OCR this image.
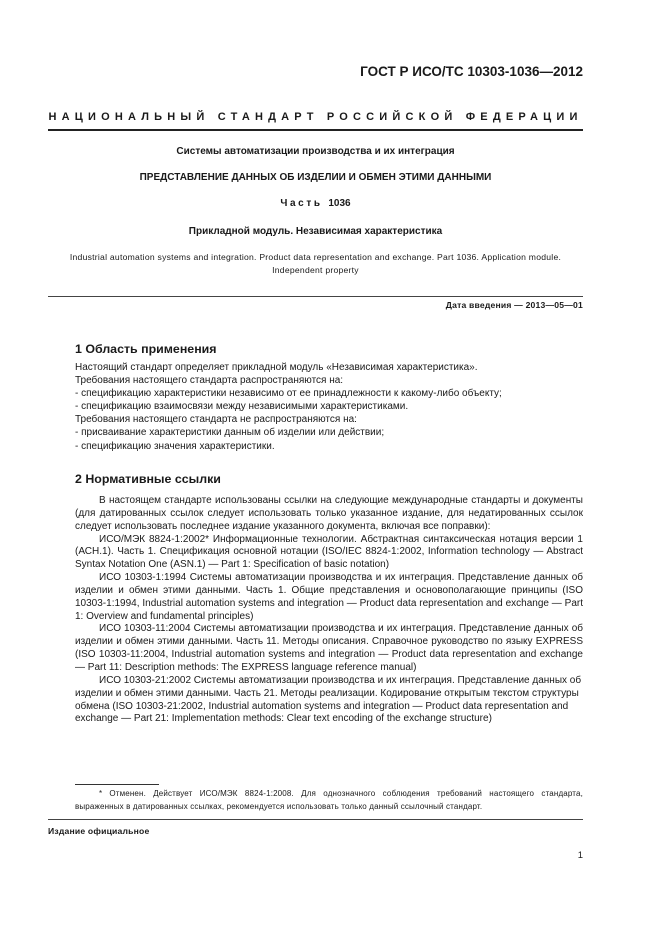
ГОСТ Р ИСО/ТС 10303-1036—2012
НАЦИОНАЛЬНЫЙ СТАНДАРТ РОССИЙСКОЙ ФЕДЕРАЦИИ
Системы автоматизации производства и их интеграция
ПРЕДСТАВЛЕНИЕ ДАННЫХ ОБ ИЗДЕЛИИ И ОБМЕН ЭТИМИ ДАННЫМИ
Часть 1036
Прикладной модуль. Независимая характеристика
Industrial automation systems and integration. Product data representation and exchange. Part 1036. Application module. Independent property
Дата введения — 2013—05—01
1 Область применения
Настоящий стандарт определяет прикладной модуль «Независимая характеристика».
Требования настоящего стандарта распространяются на:
- спецификацию характеристики независимо от ее принадлежности к какому-либо объекту;
- спецификацию взаимосвязи между независимыми характеристиками.
Требования настоящего стандарта не распространяются на:
- присваивание характеристики данным об изделии или действии;
- спецификацию значения характеристики.
2 Нормативные ссылки

В настоящем стандарте использованы ссылки на следующие международные стандарты и документы (для датированных ссылок следует использовать только указанное издание, для недатированных ссылок следует использовать последнее издание указанного документа, включая все поправки):

ИСО/МЭК 8824-1:2002* Информационные технологии. Абстрактная синтаксическая нотация версии 1 (АСН.1). Часть 1. Спецификация основной нотации (ISO/IEC 8824-1:2002, Information technology — Abstract Syntax Notation One (ASN.1) — Part 1: Specification of basic notation)

ИСО 10303-1:1994 Системы автоматизации производства и их интеграция. Представление данных об изделии и обмен этими данными. Часть 1. Общие представления и основополагающие принципы (ISO 10303-1:1994, Industrial automation systems and integration — Product data representation and exchange — Part 1: Overview and fundamental principles)

ИСО 10303-11:2004 Системы автоматизации производства и их интеграция. Представление данных об изделии и обмен этими данными. Часть 11. Методы описания. Справочное руководство по языку EXPRESS (ISO 10303-11:2004, Industrial automation systems and integration — Product data representation and exchange — Part 11: Description methods: The EXPRESS language reference manual)

ИСО 10303-21:2002 Системы автоматизации производства и их интеграция. Представление данных об изделии и обмен этими данными. Часть 21. Методы реализации. Кодирование открытым текстом структуры обмена (ISO 10303-21:2002, Industrial automation systems and integration — Product data representation and exchange — Part 21: Implementation methods: Clear text encoding of the exchange structure)

* Отменен. Действует ИСО/МЭК 8824-1:2008. Для однозначного соблюдения требований настоящего стандарта, выраженных в датированных ссылках, рекомендуется использовать только данный ссылочный стандарт.
Издание официальное
1
